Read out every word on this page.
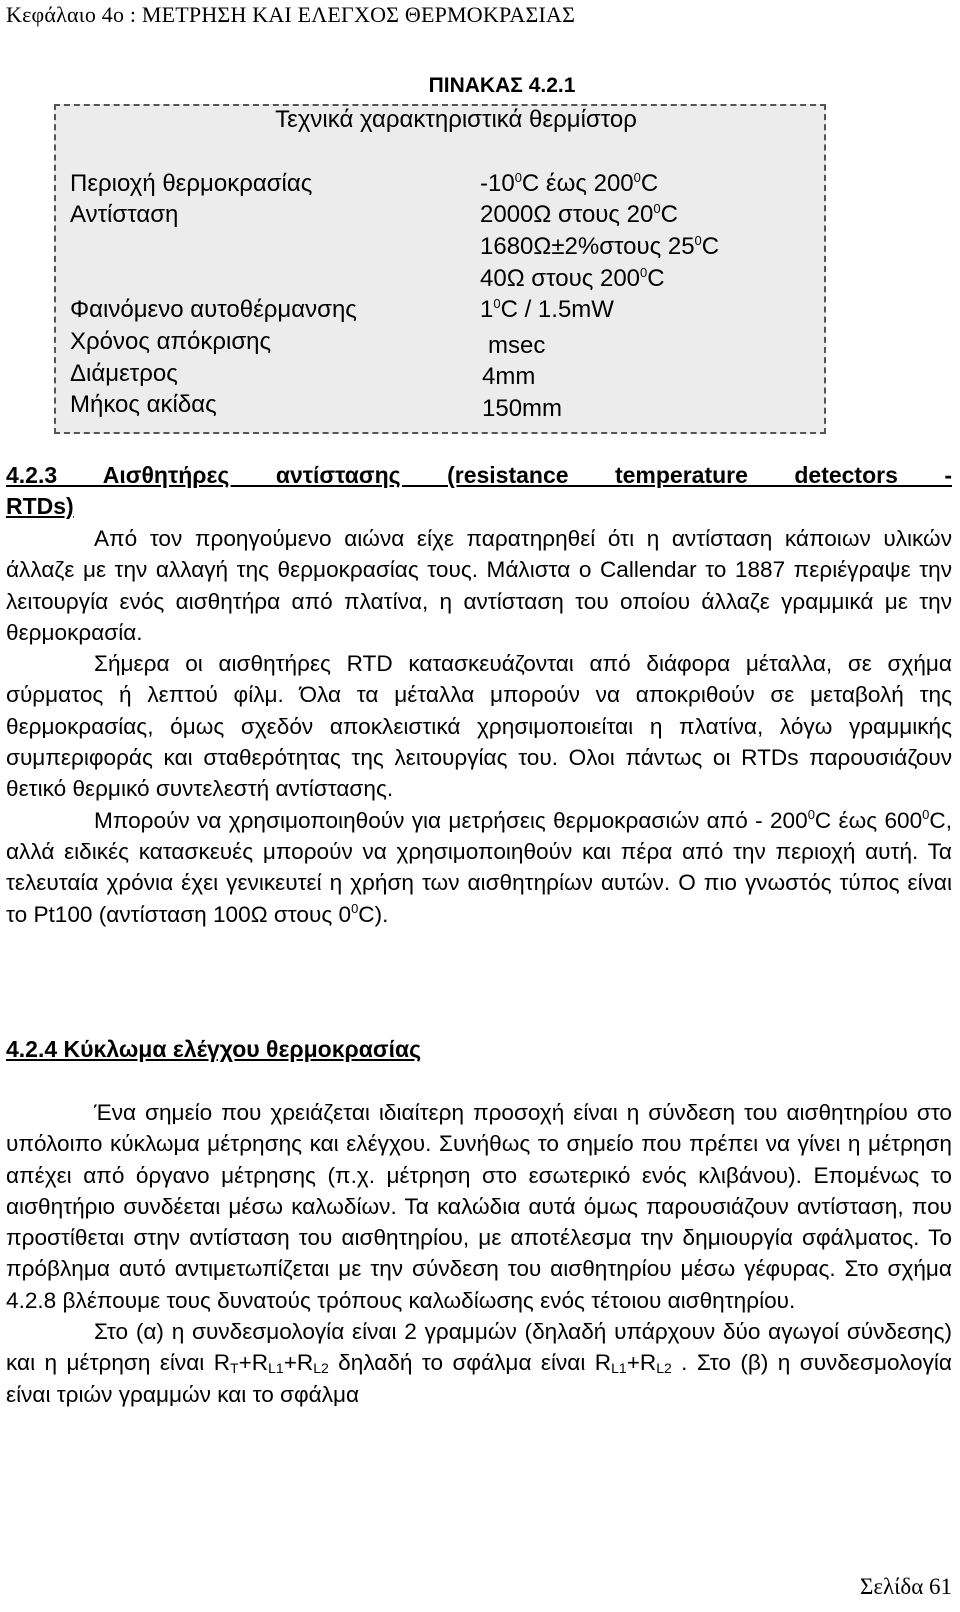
Κεφάλαιο 4ο : ΜΕΤΡΗΣΗ ΚΑΙ ΕΛΕΓΧΟΣ ΘΕΡΜΟΚΡΑΣΙΑΣ
ΠΙΝΑΚΑΣ 4.2.1
Τεχνικά χαρακτηριστικά θερμίστορ
Περιοχή θερμοκρασίας	$-10^0C$ έως $200^0C$
Αντίσταση	2000Ω στους $20^0C$
1680Ω±2%στους $25^0C$
40Ω στους $200^0C$
Φαινόμενο αυτοθέρμανσης	$1^0C / 1.5mW$
Χρόνος απόκρισης	msec
Διάμετρος	4mm
Μήκος ακίδας	150mm
4.2.3 Αισθητήρες αντίστασης (resistance temperature detectors -
RTDs)

Από τον προηγούμενο αιώνα είχε παρατηρηθεί ότι η αντίσταση κάποιων υλικών άλλαζε με την αλλαγή της θερμοκρασίας τους. Μάλιστα ο Callendar το 1887 περιέγραψε την λειτουργία ενός αισθητήρα από πλατίνα, η αντίσταση του οποίου άλλαζε γραμμικά με την θερμοκρασία.

Σήμερα οι αισθητήρες RTD κατασκευάζονται από διάφορα μέταλλα, σε σχήμα σύρματος ή λεπτού φίλμ. Όλα τα μέταλλα μπορούν να αποκριθούν σε μεταβολή της θερμοκρασίας, όμως σχεδόν αποκλειστικά χρησιμοποιείται η πλατίνα, λόγω γραμμικής συμπεριφοράς και σταθερότητας της λειτουργίας του. Ολοι πάντως οι RTDs παρουσιάζουν θετικό θερμικό συντελεστή αντίστασης.

Μπορούν να χρησιμοποιηθούν για μετρήσεις θερμοκρασιών από - $200^0C$ έως $600^0C$, αλλά ειδικές κατασκευές μπορούν να χρησιμοποιηθούν και πέρα από την περιοχή αυτή. Τα τελευταία χρόνια έχει γενικευτεί η χρήση των αισθητηρίων αυτών. Ο πιο γνωστός τύπος είναι το Pt100 (αντίσταση 100Ω στους $0^0C$).

4.2.4 Κύκλωμα ελέγχου θερμοκρασίας

Ένα σημείο που χρειάζεται ιδιαίτερη προσοχή είναι η σύνδεση του αισθητηρίου στο υπόλοιπο κύκλωμα μέτρησης και ελέγχου. Συνήθως το σημείο που πρέπει να γίνει η μέτρηση απέχει από όργανο μέτρησης (π.χ. μέτρηση στο εσωτερικό ενός κλιβάνου). Επομένως το αισθητήριο συνδέεται μέσω καλωδίων. Τα καλώδια αυτά όμως παρουσιάζουν αντίσταση, που προστίθεται στην αντίσταση του αισθητηρίου, με αποτέλεσμα την δημιουργία σφάλματος. Το πρόβλημα αυτό αντιμετωπίζεται με την σύνδεση του αισθητηρίου μέσω γέφυρας. Στο σχήμα 4.2.8 βλέπουμε τους δυνατούς τρόπους καλωδίωσης ενός τέτοιου αισθητηρίου.

Στο (α) η συνδεσμολογία είναι 2 γραμμών (δηλαδή υπάρχουν δύο αγωγοί σύνδεσης) και η μέτρηση είναι $R_T+R_{L1}+R_{L2}$ δηλαδή το σφάλμα είναι $R_{L1}+R_{L2}$ . Στο (β) η συνδεσμολογία είναι τριών γραμμών και το σφάλμα

Σελίδα 61
